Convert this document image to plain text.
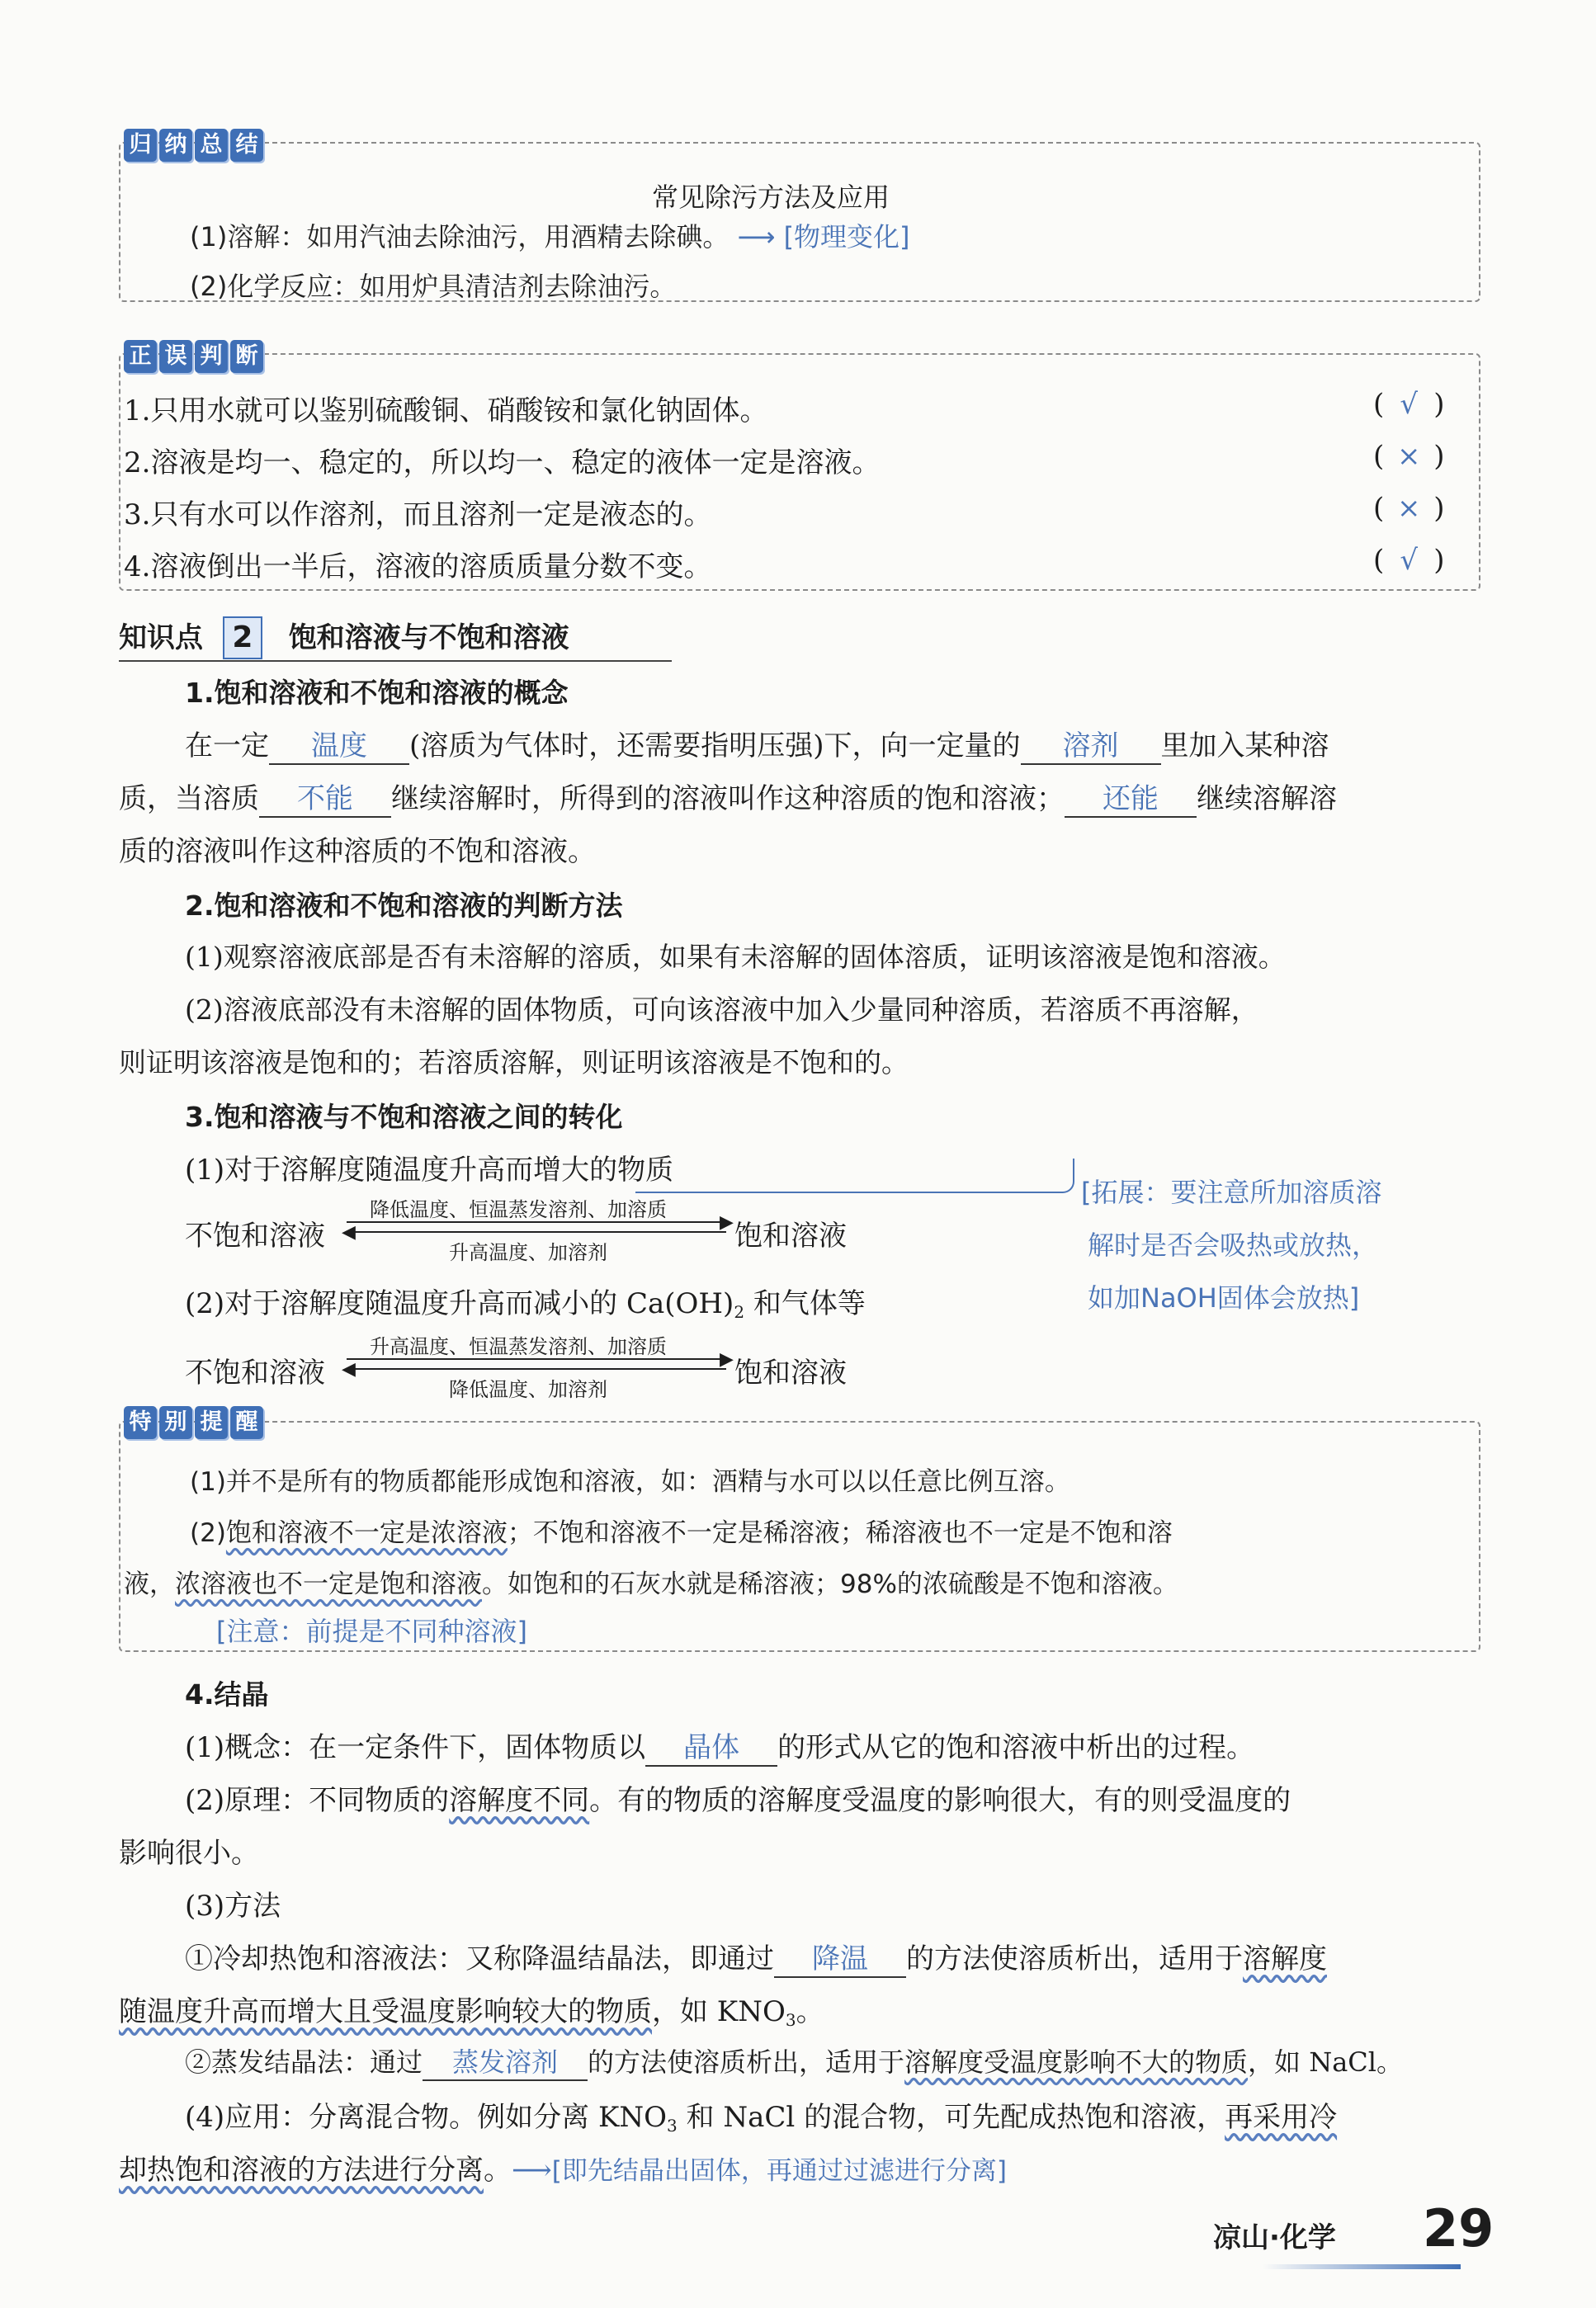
归 纳 总 结
常见除污方法及应用
(1)溶解：如用汽油去除油污，用酒精去除碘。 ⟶ [物理变化]
(2)化学反应：如用炉具清洁剂去除油污。
正 误 判 断
1.只用水就可以鉴别硫酸铜、硝酸铵和氯化钠固体。
2.溶液是均一、稳定的，所以均一、稳定的液体一定是溶液。
3.只有水可以作溶剂，而且溶剂一定是液态的。
4.溶液倒出一半后，溶液的溶质质量分数不变。
( √ )
( × )
( × )
( √ )
知识点 2 饱和溶液与不饱和溶液
1.饱和溶液和不饱和溶液的概念
在一定 温度 (溶质为气体时，还需要指明压强)下，向一定量的 溶剂 里加入某种溶
质，当溶质 不能 继续溶解时，所得到的溶液叫作这种溶质的饱和溶液； 还能 继续溶解溶
质的溶液叫作这种溶质的不饱和溶液。
2.饱和溶液和不饱和溶液的判断方法
(1)观察溶液底部是否有未溶解的溶质，如果有未溶解的固体溶质，证明该溶液是饱和溶液。
(2)溶液底部没有未溶解的固体物质，可向该溶液中加入少量同种溶质，若溶质不再溶解，
则证明该溶液是饱和的；若溶质溶解，则证明该溶液是不饱和的。
3.饱和溶液与不饱和溶液之间的转化
(1)对于溶解度随温度升高而增大的物质
不饱和溶液
降低温度、恒温蒸发溶剂、加溶质
▶
◀
升高温度、加溶剂	饱和溶液
[拓展：要注意所加溶质溶
解时是否会吸热或放热，
如加NaOH固体会放热]
(2)对于溶解度随温度升高而减小的 $Ca(OH)_2$ 和气体等
不饱和溶液
升高温度、恒温蒸发溶剂、加溶质
▶
◀
降低温度、加溶剂	饱和溶液
特 别 提 醒
(1)并不是所有的物质都能形成饱和溶液，如：酒精与水可以以任意比例互溶。
(2)饱和溶液不一定是浓溶液；不饱和溶液不一定是稀溶液；稀溶液也不一定是不饱和溶
液，浓溶液也不一定是饱和溶液。如饱和的石灰水就是稀溶液；98%的浓硫酸是不饱和溶液。
[注意：前提是不同种溶液]
4.结晶
(1)概念：在一定条件下，固体物质以 晶体 的形式从它的饱和溶液中析出的过程。
(2)原理：不同物质的溶解度不同。有的物质的溶解度受温度的影响很大，有的则受温度的
影响很小。
(3)方法
①冷却热饱和溶液法：又称降温结晶法，即通过 降温 的方法使溶质析出，适用于溶解度
随温度升高而增大且受温度影响较大的物质，如 $KNO_3$。
②蒸发结晶法：通过 蒸发溶剂 的方法使溶质析出，适用于溶解度受温度影响不大的物质，如 NaCl。
(4)应用：分离混合物。例如分离 $KNO_3$ 和 NaCl 的混合物，可先配成热饱和溶液，再采用冷
却热饱和溶液的方法进行分离。⟶[即先结晶出固体，再通过过滤进行分离]
凉山·化学 29
